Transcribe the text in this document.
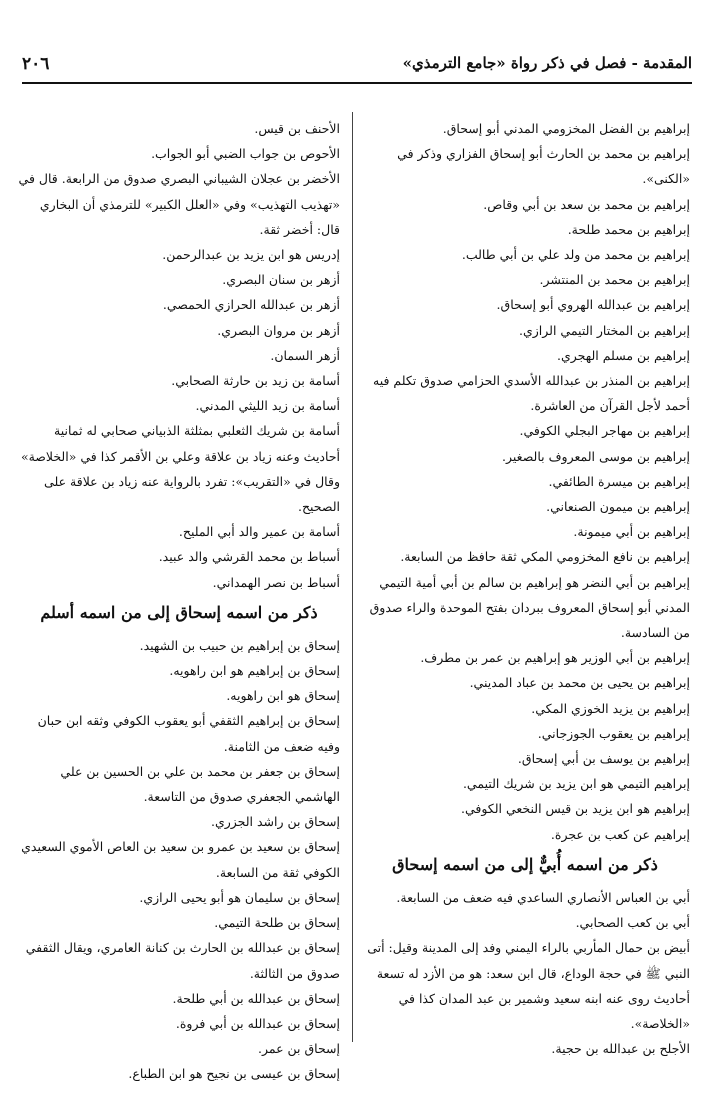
٢٠٦	المقدمة - فصل في ذكر رواة «جامع الترمذي»

إبراهيم بن الفضل المخزومي المدني أبو إسحاق.

إبراهيم بن محمد بن الحارث أبو إسحاق الفزاري وذكر في «الكنى».

إبراهيم بن محمد بن سعد بن أبي وقاص.

إبراهيم بن محمد طلحة.

إبراهيم بن محمد من ولد علي بن أبي طالب.

إبراهيم بن محمد بن المنتشر.

إبراهيم بن عبدالله الهروي أبو إسحاق.

إبراهيم بن المختار التيمي الرازي.

إبراهيم بن مسلم الهجري.

إبراهيم بن المنذر بن عبدالله الأسدي الحزامي صدوق تكلم فيه أحمد لأجل القرآن من العاشرة.

إبراهيم بن مهاجر البجلي الكوفي.

إبراهيم بن موسى المعروف بالصغير.

إبراهيم بن ميسرة الطائفي.

إبراهيم بن ميمون الصنعاني.

إبراهيم بن أبي ميمونة.

إبراهيم بن نافع المخزومي المكي ثقة حافظ من السابعة.

إبراهيم بن أبي النضر هو إبراهيم بن سالم بن أبي أمية التيمي المدني أبو إسحاق المعروف ببردان بفتح الموحدة والراء صدوق من السادسة.

إبراهيم بن أبي الوزير هو إبراهيم بن عمر بن مطرف.

إبراهيم بن يحيى بن محمد بن عباد المديني.

إبراهيم بن يزيد الخوزي المكي.

إبراهيم بن يعقوب الجوزجاني.

إبراهيم بن يوسف بن أبي إسحاق.

إبراهيم التيمي هو ابن يزيد بن شريك التيمي.

إبراهيم هو ابن يزيد بن قيس النخعي الكوفي.

إبراهيم عن كعب بن عجرة.

ذكر من اسمه أُبيٌّ إلى من اسمه إسحاق

أبي بن العباس الأنصاري الساعدي فيه ضعف من السابعة.

أبي بن كعب الصحابي.

أبيض بن حمال المأربي بالراء اليمني وفد إلى المدينة وقيل: أتى النبي ﷺ في حجة الوداع، قال ابن سعد: هو من الأزد له تسعة أحاديث روى عنه ابنه سعيد وشمير بن عبد المدان كذا في «الخلاصة».

الأجلح بن عبدالله بن حجية.

الأحنف بن قيس.

الأحوص بن جواب الضبي أبو الجواب.

الأخضر بن عجلان الشيباني البصري صدوق من الرابعة. قال في «تهذيب التهذيب» وفي «العلل الكبير» للترمذي أن البخاري قال: أخضر ثقة.

إدريس هو ابن يزيد بن عبدالرحمن.

أزهر بن سنان البصري.

أزهر بن عبدالله الحرازي الحمصي.

أزهر بن مروان البصري.

أزهر السمان.

أسامة بن زيد بن حارثة الصحابي.

أسامة بن زيد الليثي المدني.

أسامة بن شريك الثعلبي بمثلثة الذبياني صحابي له ثمانية أحاديث وعنه زياد بن علاقة وعلي بن الأقمر كذا في «الخلاصة» وقال في «التقريب»: تفرد بالرواية عنه زياد بن علاقة على الصحيح.

أسامة بن عمير والد أبي المليح.

أسباط بن محمد القرشي والد عبيد.

أسباط بن نصر الهمداني.

ذكر من اسمه إسحاق إلى من اسمه أسلم

إسحاق بن إبراهيم بن حبيب بن الشهيد.

إسحاق بن إبراهيم هو ابن راهويه.

إسحاق هو ابن راهويه.

إسحاق بن إبراهيم الثقفي أبو يعقوب الكوفي وثقه ابن حبان وفيه ضعف من الثامنة.

إسحاق بن جعفر بن محمد بن علي بن الحسين بن علي الهاشمي الجعفري صدوق من التاسعة.

إسحاق بن راشد الجزري.

إسحاق بن سعيد بن عمرو بن سعيد بن العاص الأموي السعيدي الكوفي ثقة من السابعة.

إسحاق بن سليمان هو أبو يحيى الرازي.

إسحاق بن طلحة التيمي.

إسحاق بن عبدالله بن الحارث بن كنانة العامري، ويقال الثقفي صدوق من الثالثة.

إسحاق بن عبدالله بن أبي طلحة.

إسحاق بن عبدالله بن أبي فروة.

إسحاق بن عمر.

إسحاق بن عيسى بن نجيح هو ابن الطباع.
